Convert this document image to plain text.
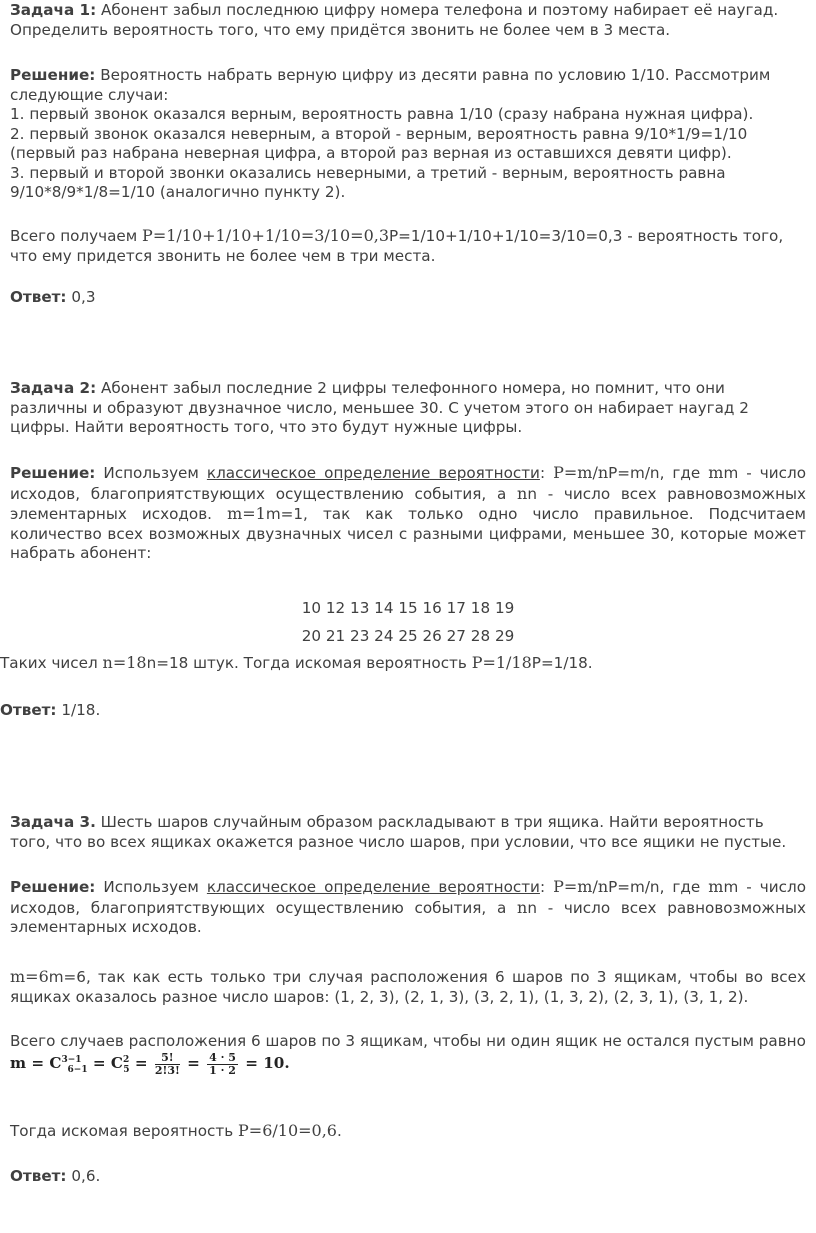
Задача 1: Абонент забыл последнюю цифру номера телефона и поэтому набирает её наугад. Определить вероятность того, что ему придётся звонить не более чем в 3 места.

Решение: Вероятность набрать верную цифру из десяти равна по условию 1/10. Рассмотрим следующие случаи:

1. первый звонок оказался верным, вероятность равна 1/10 (сразу набрана нужная цифра).

2. первый звонок оказался неверным, а второй - верным, вероятность равна 9/10*1/9=1/10 (первый раз набрана неверная цифра, а второй раз верная из оставшихся девяти цифр).

3. первый и второй звонки оказались неверными, а третий - верным, вероятность равна 9/10*8/9*1/8=1/10 (аналогично пункту 2).

Всего получаем P=1/10+1/10+1/10=3/10=0,3P=1/10+1/10+1/10=3/10=0,3 - вероятность того, что ему придется звонить не более чем в три места.
Ответ: 0,3
Задача 2: Абонент забыл последние 2 цифры телефонного номера, но помнит, что они различны и образуют двузначное число, меньшее 30. С учетом этого он набирает наугад 2 цифры. Найти вероятность того, что это будут нужные цифры.
Решение: Используем классическое определение вероятности: P=m/nP=m/n, где mm - число исходов, благоприятствующих осуществлению события, а nn - число всех равновозможных элементарных исходов. m=1m=1, так как только одно число правильное. Подсчитаем количество всех возможных двузначных чисел с разными цифрами, меньшее 30, которые может набрать абонент:
10 12 13 14 15 16 17 18 19
20 21 23 24 25 26 27 28 29
Таких чисел n=18n=18 штук. Тогда искомая вероятность P=1/18P=1/18.
Ответ: 1/18.
Задача 3. Шесть шаров случайным образом раскладывают в три ящика. Найти вероятность того, что во всех ящиках окажется разное число шаров, при условии, что все ящики не пустые.
Решение: Используем классическое определение вероятности: P=m/nP=m/n, где mm - число исходов, благоприятствующих осуществлению события, а nn - число всех равновозможных элементарных исходов.
m=6m=6, так как есть только три случая расположения 6 шаров по 3 ящикам, чтобы во всех ящиках оказалось разное число шаров: (1, 2, 3), (2, 1, 3), (3, 2, 1), (1, 3, 2), (2, 3, 1), (3, 1, 2).
Всего случаев расположения 6 шаров по 3 ящикам, чтобы ни один ящик не остался пустым равно
$m = C^{3-1}_{6-1} = C^2_5 = \frac{5!}{2!3!} = \frac{4 \cdot 5}{1 \cdot 2} = 10$.
Тогда искомая вероятность P=6/10=0,6.
Ответ: 0,6.
